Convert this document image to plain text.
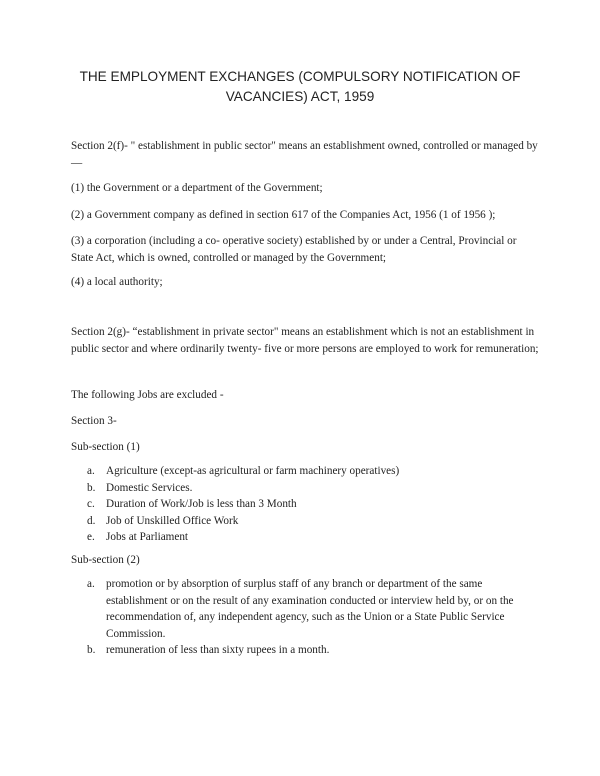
THE EMPLOYMENT EXCHANGES (COMPULSORY NOTIFICATION OF
VACANCIES) ACT, 1959
Section 2(f)- " establishment in public sector" means an establishment owned, controlled or managed by—
(1) the Government or a department of the Government;
(2) a Government company as defined in section 617 of the Companies Act, 1956 (1 of 1956 );
(3) a corporation (including a co- operative society) established by or under a Central, Provincial or State Act, which is owned, controlled or managed by the Government;
(4) a local authority;
Section 2(g)- “establishment in private sector" means an establishment which is not an establishment in public sector and where ordinarily twenty- five or more persons are employed to work for remuneration;
The following Jobs are excluded -
Section 3-
Sub-section (1)
a. Agriculture (except-as agricultural or farm machinery operatives)
b. Domestic Services.
c. Duration of Work/Job is less than 3 Month
d. Job of Unskilled Office Work
e. Jobs at Parliament
Sub-section (2)
a. promotion or by absorption of surplus staff of any branch or department of the same establishment or on the result of any examination conducted or interview held by, or on the recommendation of, any independent agency, such as the Union or a State Public Service Commission.
b. remuneration of less than sixty rupees in a month.
